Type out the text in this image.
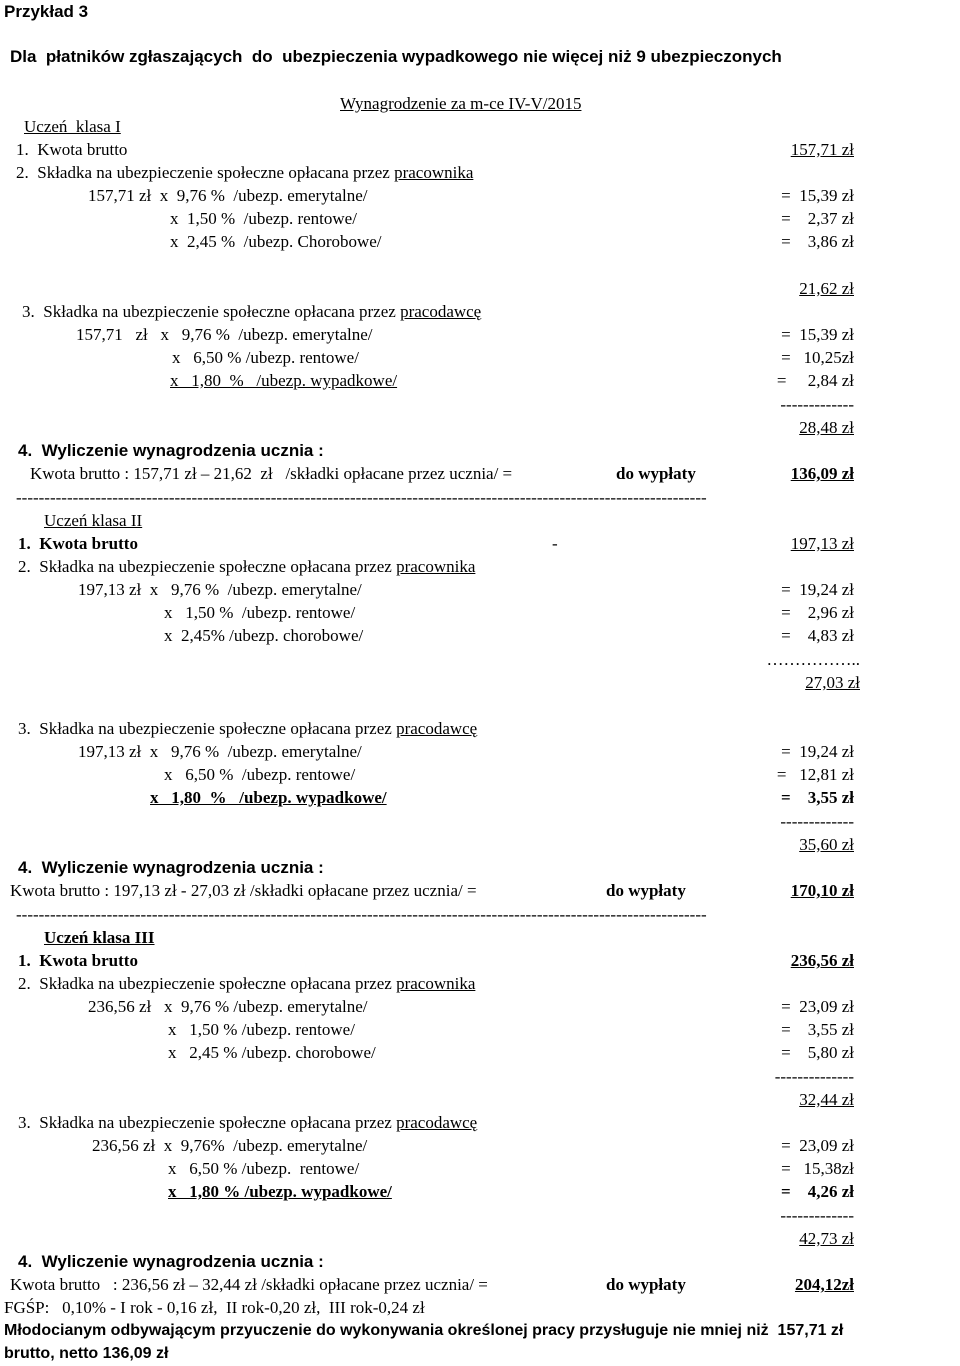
Przykład 3
Dla  płatników zgłaszających  do  ubezpieczenia wypadkowego nie więcej niż 9 ubezpieczonych
Wynagrodzenie za m-ce IV-V/2015
Uczeń  klasa I
1.  Kwota brutto	157,71 zł
2.  Składka na ubezpieczenie społeczne opłacana przez pracownika
157,71 zł  x  9,76 %  /ubezp. emerytalne/	=  15,39 zł
x  1,50 %  /ubezp. rentowe/	=    2,37 zł
x  2,45 %  /ubezp. Chorobowe/	=    3,86 zł
21,62 zł
3.  Składka na ubezpieczenie społeczne opłacana przez pracodawcę
157,71   zł   x   9,76 %  /ubezp. emerytalne/	=  15,39 zł
x   6,50 % /ubezp. rentowe/	=   10,25zł
x   1,80  %   /ubezp. wypadkowe/	=     2,84 zł
-------------
28,48 zł
4.  Wyliczenie wynagrodzenia ucznia :
Kwota brutto : 157,71 zł – 21,62  zł   /składki opłacane przez ucznia/ =	do wypłaty	136,09 zł
--------------------------------------------------------------------------------------------------------------------------
Uczeń klasa II
1.  Kwota brutto	-	197,13 zł
2.  Składka na ubezpieczenie społeczne opłacana przez pracownika
197,13 zł  x   9,76 %  /ubezp. emerytalne/	=  19,24 zł
x   1,50 %  /ubezp. rentowe/	=    2,96 zł
x  2,45% /ubezp. chorobowe/	=    4,83 zł
……………..
27,03 zł
3.  Składka na ubezpieczenie społeczne opłacana przez pracodawcę
197,13 zł  x   9,76 %  /ubezp. emerytalne/	=  19,24 zł
x   6,50 %  /ubezp. rentowe/	=   12,81 zł
x   1,80  %   /ubezp. wypadkowe/	=    3,55 zł
-------------
35,60 zł
4.  Wyliczenie wynagrodzenia ucznia :
Kwota brutto : 197,13 zł - 27,03 zł /składki opłacane przez ucznia/ =	do wypłaty	170,10 zł
--------------------------------------------------------------------------------------------------------------------------
Uczeń klasa III
1.  Kwota brutto	236,56 zł
2.  Składka na ubezpieczenie społeczne opłacana przez pracownika
236,56 zł   x  9,76 % /ubezp. emerytalne/	=  23,09 zł
x   1,50 % /ubezp. rentowe/	=    3,55 zł
x   2,45 % /ubezp. chorobowe/	=    5,80 zł
--------------
32,44 zł
3.  Składka na ubezpieczenie społeczne opłacana przez pracodawcę
236,56 zł  x  9,76%  /ubezp. emerytalne/	=  23,09 zł
x   6,50 % /ubezp.  rentowe/	=   15,38zł
x   1,80 % /ubezp. wypadkowe/	=    4,26 zł
-------------
42,73 zł
4.  Wyliczenie wynagrodzenia ucznia :
Kwota brutto   : 236,56 zł – 32,44 zł /składki opłacane przez ucznia/ =	do wypłaty	204,12zł
FGŚP:   0,10% - I rok - 0,16 zł,  II rok-0,20 zł,  III rok-0,24 zł
Młodocianym odbywającym przyuczenie do wykonywania określonej pracy przysługuje nie mniej niż  157,71 zł
brutto, netto 136,09 zł
